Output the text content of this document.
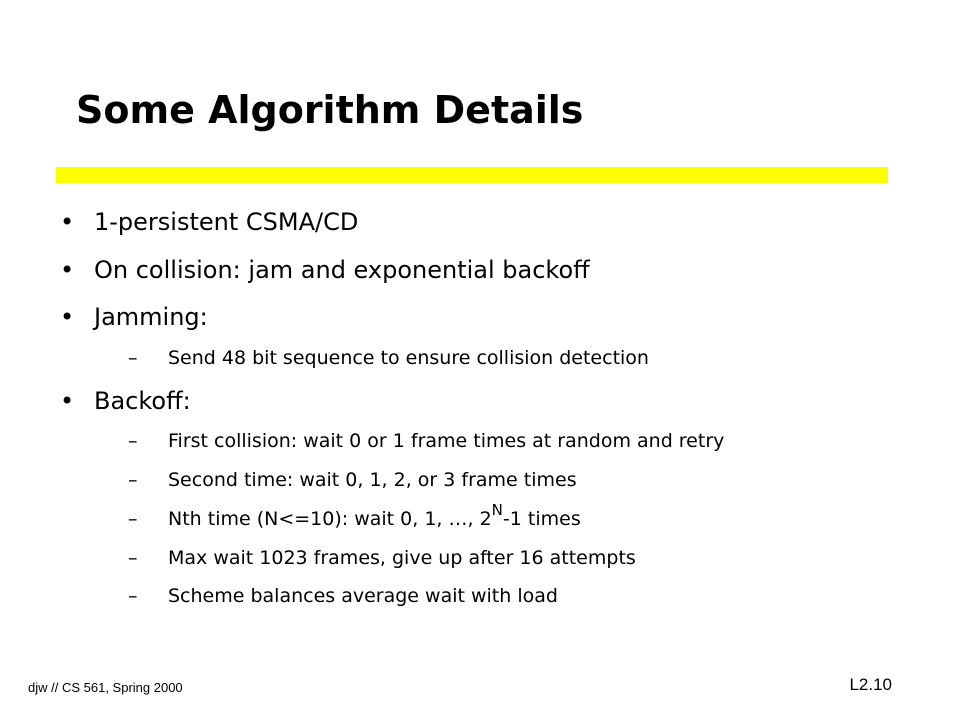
Some Algorithm Details
• 1-persistent CSMA/CD
• On collision: jam and exponential backoff
• Jamming:
– Send 48 bit sequence to ensure collision detection
• Backoff:
– First collision: wait 0 or 1 frame times at random and retry
– Second time: wait 0, 1, 2, or 3 frame times
– Nth time (N<=10): wait 0, 1, …, $2^N-1$ times
– Max wait 1023 frames, give up after 16 attempts
– Scheme balances average wait with load
djw // CS 561, Spring 2000	L2.10
